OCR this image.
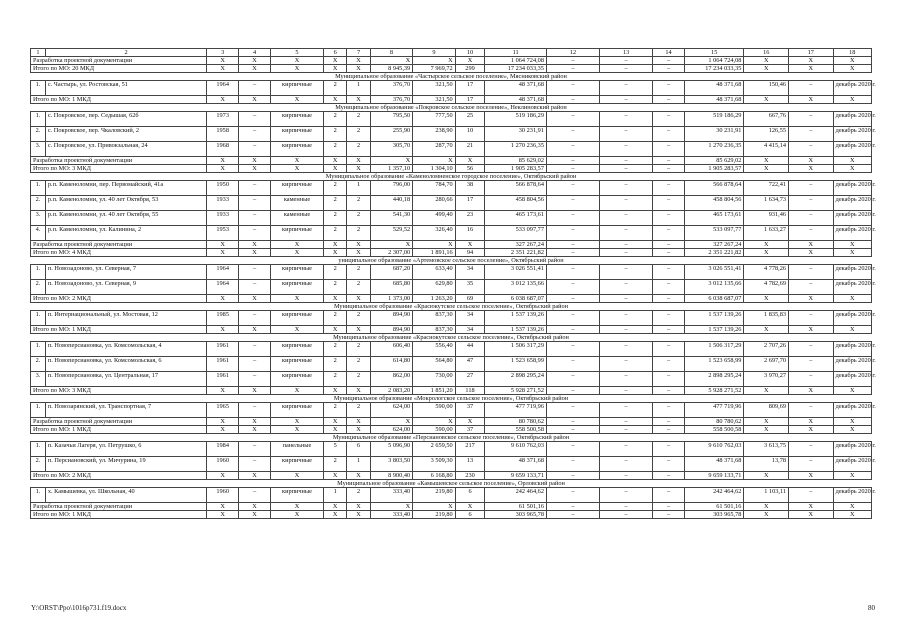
1	2	3	4	5	6	7	8	9	10	11	12	13	14	15	16	17	18
Разработка проектной документации		X	X	X	X	X	X	X	X	1 064 724,08	–	–	–	1 064 724,08	X	X	X
Итого по МО: 20 МКД		X	X	X	X	X	8 945,39	7 969,72	299	17 234 033,35	–	–	–	17 234 033,35	X	X	X
Муниципальное образование «Частырское сельское поселение», Мясниковский район																	
1.	с. Частырь, ул. Ростовская, 51	1964	–	кирпичные	2	1	376,70	321,50	17	48 371,68	–	–	–	48 371,68	150,46	–	декабрь 2020 г.
Итого по МО: 1 МКД		X	X	X	X	X	376,70	321,50	17	48 371,68	–	–	–	48 371,68	X	X	X
Муниципальное образование «Покровское сельское поселение», Неклиновский район																	
1.	с. Покровское, пер. Седышая, 62б	1973	–	кирпичные	2	2	795,50	777,50	25	519 186,29	–	–	–	519 186,29	667,76	–	декабрь 2020 г.
2.	с. Покровское, пер. Чкаловский, 2	1958	–	кирпичные	2	2	255,90	238,90	10	30 231,91	–	–	–	30 231,91	126,55	–	декабрь 2020 г.
3.	с. Покровское, ул. Привокзальная, 24	1968	–	кирпичные	2	2	305,70	287,70	21	1 270 236,35	–	–	–	1 270 236,35	4 415,14	–	декабрь 2020 г.
Разработка проектной документации		X	X	X	X	X	X	X	X	85 629,02	–	–	–	85 629,02	X	X	X
Итого по МО: 3 МКД		X	X	X	X	X	1 357,10	1 304,10	56	1 905 283,57	–	–	–	1 905 283,57	X	X	X
Муниципальное образование «Каменоломненское городское поселение», Октябрьский район																	
1.	р.п. Каменоломни, пер. Первомайский, 41а	1950	–	кирпичные	2	1	796,00	784,70	38	566 878,64	–	–	–	566 878,64	722,41	–	декабрь 2020 г.
2.	р.п. Каменоломни, ул. 40 лет Октября, 53	1933	–	каменные	2	2	440,18	280,66	17	458 804,56	–	–	–	458 804,56	1 634,73	–	декабрь 2020 г.
3.	р.п. Каменоломни, ул. 40 лет Октября, 55	1933	–	каменные	2	2	541,30	499,40	23	465 173,61	–	–	–	465 173,61	931,46	–	декабрь 2020 г.
4.	р.п. Каменоломни, ул. Калинина, 2	1953	–	кирпичные	2	2	529,52	326,40	16	533 097,77	–	–	–	533 097,77	1 633,27	–	декабрь 2020 г.
Разработка проектной документации		X	X	X	X	X	X	X	X	327 267,24	–	–	–	327 267,24	X	X	X
Итого по МО: 4 МКД		X	X	X	X	X	2 307,00	1 891,16	94	2 351 221,82	–	–	–	2 351 221,82	X	X	X
униципальное образование «Артемовское сельское поселение», Октябрьский район																	
1.	п. Новозадоново, ул. Северная, 7	1964	–	кирпичные	2	2	687,20	633,40	34	3 026 551,41	–	–	–	3 026 551,41	4 778,26	–	декабрь 2020 г.
2.	п. Новозадоново, ул. Северная, 9	1964	–	кирпичные	2	2	685,80	629,80	35	3 012 135,66	–	–	–	3 012 135,66	4 782,69	–	декабрь 2020 г.
Итого по МО: 2 МКД		X	X	X	X	X	1 373,00	1 263,20	69	6 038 687,07	–	–	–	6 038 687,07	X	X	X
Муниципальное образование «Красюкутское сельское поселение», Октябрьский район																	
1.	п. Интернациональный, ул. Мостовая, 12	1985	–	кирпичные	2	2	894,90	837,30	34	1 537 139,26	–	–	–	1 537 139,26	1 835,83	–	декабрь 2020 г.
Итого по МО: 1 МКД		X	X	X	X	X	894,90	837,30	34	1 537 139,26	–	–	–	1 537 139,26	X	X	X
Муниципальное образование «Краснокутское сельское поселение», Октябрьский район																	
1.	п. Новоперсиановка, ул. Комсомольская, 4	1961	–	кирпичные	2	2	606,40	556,40	44	1 506 317,29	–	–	–	1 506 317,29	2 707,26	–	декабрь 2020 г.
2.	п. Новоперсиановка, ул. Комсомольская, 6	1961	–	кирпичные	2	2	614,80	564,80	47	1 523 658,99	–	–	–	1 523 658,99	2 697,70	–	декабрь 2020 г.
3.	п. Новоперсиановка, ул. Центральная, 17	1961	–	кирпичные	2	2	862,00	730,00	27	2 898 295,24	–	–	–	2 898 295,24	3 970,27	–	декабрь 2020 г.
Итого по МО: 3 МКД		X	X	X	X	X	2 083,20	1 851,20	118	5 928 271,52	–	–	–	5 928 271,52	X	X	X
Муниципальное образование «Мокрологское сельское поселение», Октябрьский район																	
1.	п. Новозарянский, ул. Транспортная, 7	1965	–	кирпичные	2	2	624,00	590,00	37	477 719,96	–	–	–	477 719,96	809,69	–	декабрь 2020 г.
Разработка проектной документации		X	X	X	X	X	X	X	X	80 780,62	–	–	–	80 780,62	X	X	X
Итого по МО: 1 МКД		X	X	X	X	X	624,00	590,00	37	558 500,58	–	–	–	558 500,58	X	X	X
Муниципальное образование «Персиановское сельское поселение», Октябрьский район																	
1.	п. Казачьи Лагеря, ул. Петрушко, 6	1984	–	панельные	5	6	5 096,90	2 659,50	217	9 610 762,03	–	–	–	9 610 762,03	3 613,75	–	декабрь 2020 г.
2.	п. Персиановский, ул. Мичурина, 19	1960	–	кирпичные	2	1	3 803,50	3 509,30	13	48 371,68	–	–	–	48 371,68	13,78	–	декабрь 2020 г.
Итого по МО: 2 МКД		X	X	X	X	X	8 900,40	6 168,80	230	9 659 133,71	–	–	–	9 659 133,71	X	X	X
Муниципальное образование «Камышевское сельское поселение», Орловский район																	
1.	х. Камышевка, ул. Школьная, 40	1960	–	кирпичные	1	2	333,40	219,80	6	242 464,62	–	–	–	242 464,62	1 103,11	–	декабрь 2020 г.
Разработка проектной документации		X	X	X	X	X	X	X	X	61 501,16	–	–	–	61 501,16	X	X	X
Итого по МО: 1 МКД		X	X	X	X	X	333,40	219,80	6	303 965,78	–	–	–	303 965,78	X	X	X
Y:\ORST\Ppo\1016p731.f19.docx	80
